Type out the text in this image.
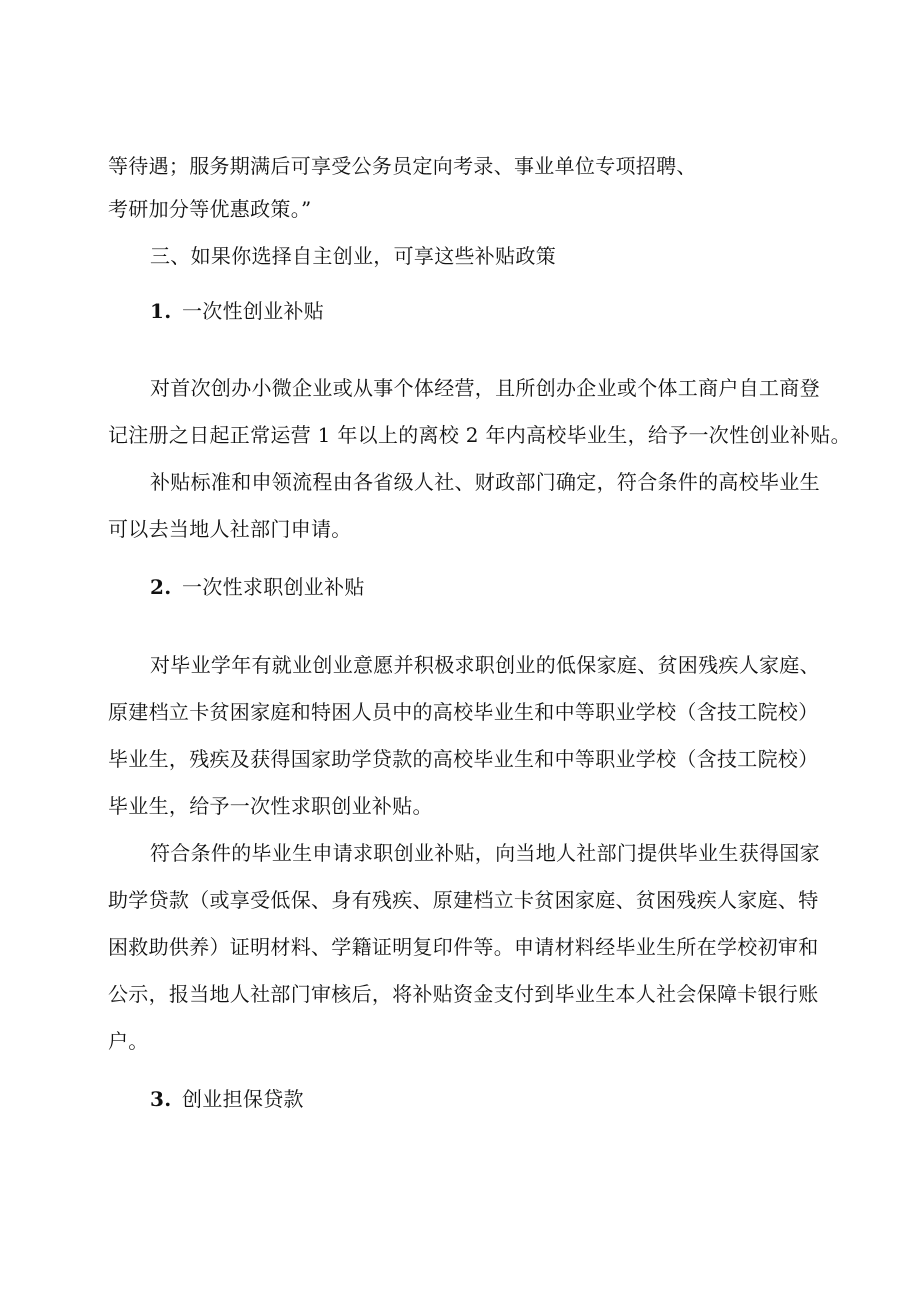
等待遇；服务期满后可享受公务员定向考录、事业单位专项招聘、
考研加分等优惠政策。”
三、如果你选择自主创业，可享这些补贴政策
1. 一次性创业补贴
对首次创办小微企业或从事个体经营，且所创办企业或个体工商户自工商登
记注册之日起正常运营 1 年以上的离校 2 年内高校毕业生，给予一次性创业补贴。
补贴标准和申领流程由各省级人社、财政部门确定，符合条件的高校毕业生
可以去当地人社部门申请。
2. 一次性求职创业补贴
对毕业学年有就业创业意愿并积极求职创业的低保家庭、贫困残疾人家庭、
原建档立卡贫困家庭和特困人员中的高校毕业生和中等职业学校（含技工院校）
毕业生，残疾及获得国家助学贷款的高校毕业生和中等职业学校（含技工院校）
毕业生，给予一次性求职创业补贴。
符合条件的毕业生申请求职创业补贴，向当地人社部门提供毕业生获得国家
助学贷款（或享受低保、身有残疾、原建档立卡贫困家庭、贫困残疾人家庭、特
困救助供养）证明材料、学籍证明复印件等。申请材料经毕业生所在学校初审和
公示，报当地人社部门审核后，将补贴资金支付到毕业生本人社会保障卡银行账
户。
3. 创业担保贷款
